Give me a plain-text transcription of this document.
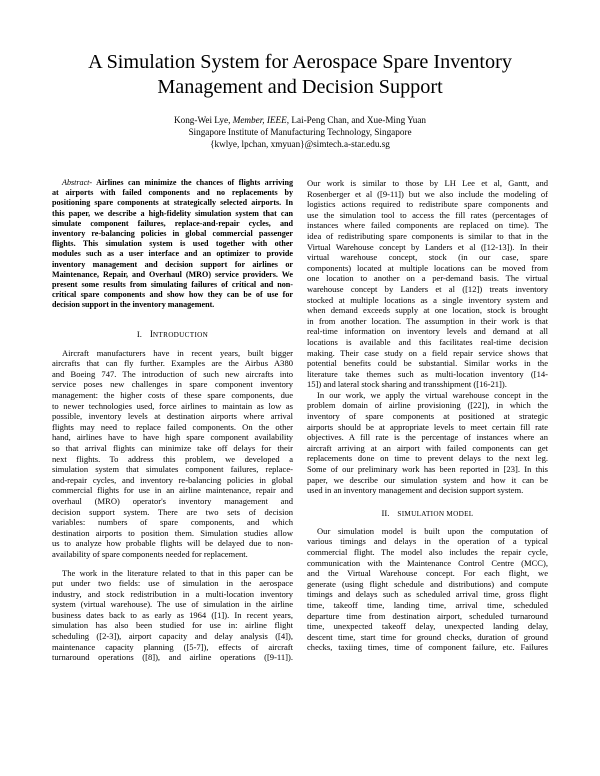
A Simulation System for Aerospace Spare Inventory
Management and Decision Support
Kong-Wei Lye, Member, IEEE, Lai-Peng Chan, and Xue-Ming Yuan
Singapore Institute of Manufacturing Technology, Singapore
{kwlye, lpchan, xmyuan}@simtech.a-star.edu.sg
Abstract- Airlines can minimize the chances of flights arriving
at airports with failed components and no replacements by
positioning spare components at strategically selected airports. In
this paper, we describe a high-fidelity simulation system that can
simulate component failures, replace-and-repair cycles, and
inventory re-balancing policies in global commercial passenger
flights. This simulation system is used together with other
modules such as a user interface and an optimizer to provide
inventory management and decision support for airlines or
Maintenance, Repair, and Overhaul (MRO) service providers. We
present some results from simulating failures of critical and non-
critical spare components and show how they can be of use for
decision support in the inventory management.
I. INTRODUCTION
Aircraft manufacturers have in recent years, built bigger
aircrafts that can fly further. Examples are the Airbus A380
and Boeing 747. The introduction of such new aircrafts into
service poses new challenges in spare component inventory
management: the higher costs of these spare components, due
to newer technologies used, force airlines to maintain as low as
possible, inventory levels at destination airports where arrival
flights may need to replace failed components. On the other
hand, airlines have to have high spare component availability
so that arrival flights can minimize take off delays for their
next flights. To address this problem, we developed a
simulation system that simulates component failures, replace-
and-repair cycles, and inventory re-balancing policies in global
commercial flights for use in an airline maintenance, repair and
overhaul (MRO) operator's inventory management and
decision support system. There are two sets of decision
variables: numbers of spare components, and which
destination airports to position them. Simulation studies allow
us to analyze how probable flights will be delayed due to non-
availability of spare components needed for replacement.
The work in the literature related to that in this paper can be
put under two fields: use of simulation in the aerospace
industry, and stock redistribution in a multi-location inventory
system (virtual warehouse). The use of simulation in the airline
business dates back to as early as 1964 ([1]). In recent years,
simulation has also been studied for use in: airline flight
scheduling ([2-3]), airport capacity and delay analysis ([4]),
maintenance capacity planning ([5-7]), effects of aircraft
turnaround operations ([8]), and airline operations ([9-11]).
Our work is similar to those by LH Lee et al, Gantt, and
Rosenberger et al ([9-11]) but we also include the modeling of
logistics actions required to redistribute spare components and
use the simulation tool to access the fill rates (percentages of
instances where failed components are replaced on time). The
idea of redistributing spare components is similar to that in the
Virtual Warehouse concept by Landers et al ([12-13]). In their
virtual warehouse concept, stock (in our case, spare
components) located at multiple locations can be moved from
one location to another on a per-demand basis. The virtual
warehouse concept by Landers et al ([12]) treats inventory
stocked at multiple locations as a single inventory system and
when demand exceeds supply at one location, stock is brought
in from another location. The assumption in their work is that
real-time information on inventory levels and demand at all
locations is available and this facilitates real-time decision
making. Their case study on a field repair service shows that
potential benefits could be substantial. Similar works in the
literature take themes such as multi-location inventory ([14-
15]) and lateral stock sharing and transshipment ([16-21]).
In our work, we apply the virtual warehouse concept in the
problem domain of airline provisioning ([22]), in which the
inventory of spare components at positioned at strategic
airports should be at appropriate levels to meet certain fill rate
objectives. A fill rate is the percentage of instances where an
aircraft arriving at an airport with failed components can get
replacements done on time to prevent delays to the next leg.
Some of our preliminary work has been reported in [23]. In this
paper, we describe our simulation system and how it can be
used in an inventory management and decision support system.
II. SIMULATION MODEL
Our simulation model is built upon the computation of
various timings and delays in the operation of a typical
commercial flight. The model also includes the repair cycle,
communication with the Maintenance Control Centre (MCC),
and the Virtual Warehouse concept. For each flight, we
generate (using flight schedule and distributions) and compute
timings and delays such as scheduled arrival time, gross flight
time, takeoff time, landing time, arrival time, scheduled
departure time from destination airport, scheduled turnaround
time, unexpected takeoff delay, unexpected landing delay,
descent time, start time for ground checks, duration of ground
checks, taxiing times, time of component failure, etc. Failures
